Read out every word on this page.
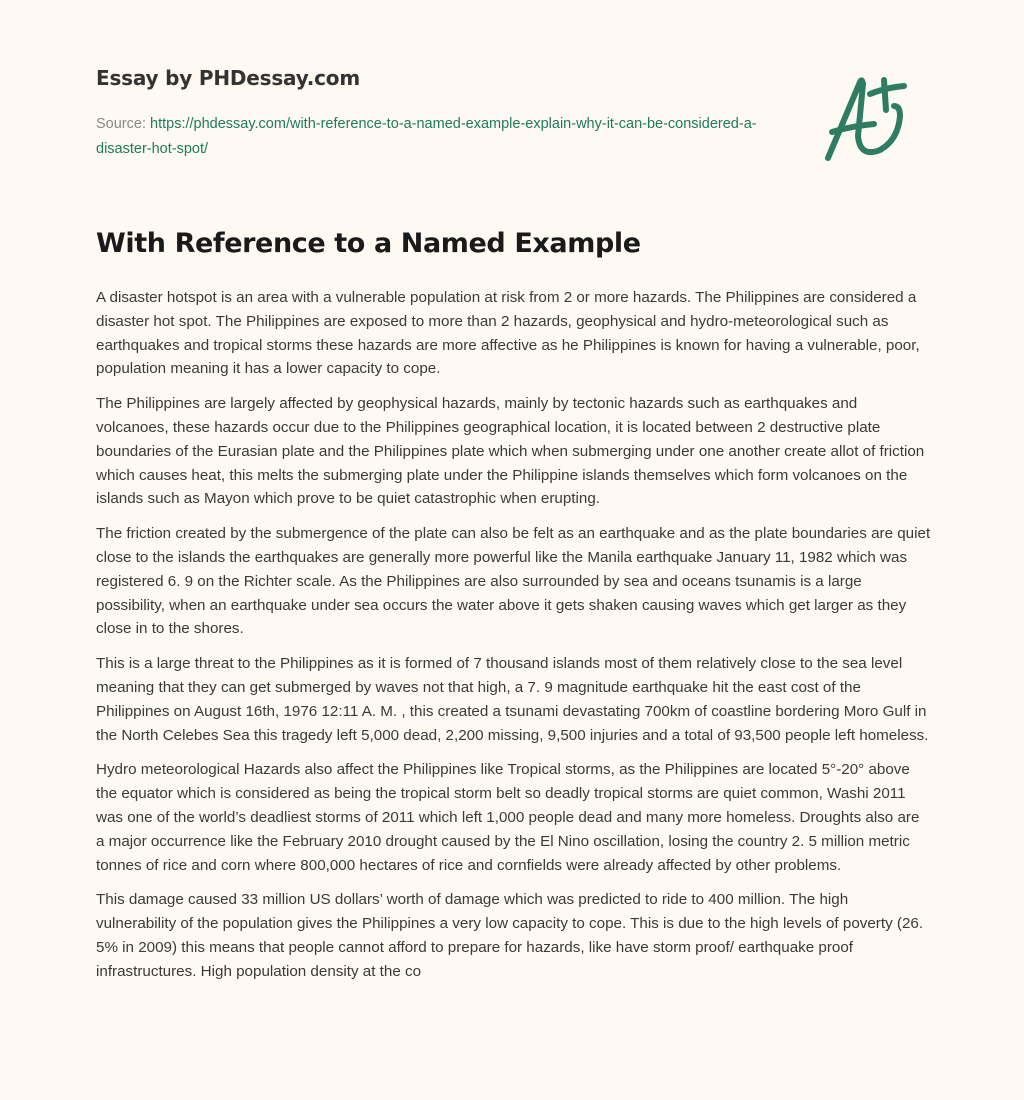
Essay by PHDessay.com
Source: https://phdessay.com/with-reference-to-a-named-example-explain-why-it-can-be-considered-a-disaster-hot-spot/
With Reference to a Named Example

A disaster hotspot is an area with a vulnerable population at risk from 2 or more hazards. The Philippines are considered a disaster hot spot. The Philippines are exposed to more than 2 hazards, geophysical and hydro-meteorological such as earthquakes and tropical storms these hazards are more affective as he Philippines is known for having a vulnerable, poor, population meaning it has a lower capacity to cope.

The Philippines are largely affected by geophysical hazards, mainly by tectonic hazards such as earthquakes and volcanoes, these hazards occur due to the Philippines geographical location, it is located between 2 destructive plate boundaries of the Eurasian plate and the Philippines plate which when submerging under one another create allot of friction which causes heat, this melts the submerging plate under the Philippine islands themselves which form volcanoes on the islands such as Mayon which prove to be quiet catastrophic when erupting.

The friction created by the submergence of the plate can also be felt as an earthquake and as the plate boundaries are quiet close to the islands the earthquakes are generally more powerful like the Manila earthquake January 11, 1982 which was registered 6. 9 on the Richter scale. As the Philippines are also surrounded by sea and oceans tsunamis is a large possibility, when an earthquake under sea occurs the water above it gets shaken causing waves which get larger as they close in to the shores.

This is a large threat to the Philippines as it is formed of 7 thousand islands most of them relatively close to the sea level meaning that they can get submerged by waves not that high, a 7. 9 magnitude earthquake hit the east cost of the Philippines on August 16th, 1976 12:11 A. M. , this created a tsunami devastating 700km of coastline bordering Moro Gulf in the North Celebes Sea this tragedy left 5,000 dead, 2,200 missing, 9,500 injuries and a total of 93,500 people left homeless.

Hydro meteorological Hazards also affect the Philippines like Tropical storms, as the Philippines are located 5°-20° above the equator which is considered as being the tropical storm belt so deadly tropical storms are quiet common, Washi 2011 was one of the world’s deadliest storms of 2011 which left 1,000 people dead and many more homeless. Droughts also are a major occurrence like the February 2010 drought caused by the El Nino oscillation, losing the country 2. 5 million metric tonnes of rice and corn where 800,000 hectares of rice and cornfields were already affected by other problems.

This damage caused 33 million US dollars’ worth of damage which was predicted to ride to 400 million. The high vulnerability of the population gives the Philippines a very low capacity to cope. This is due to the high levels of poverty (26. 5% in 2009) this means that people cannot afford to prepare for hazards, like have storm proof/ earthquake proof infrastructures. High population density at the co
